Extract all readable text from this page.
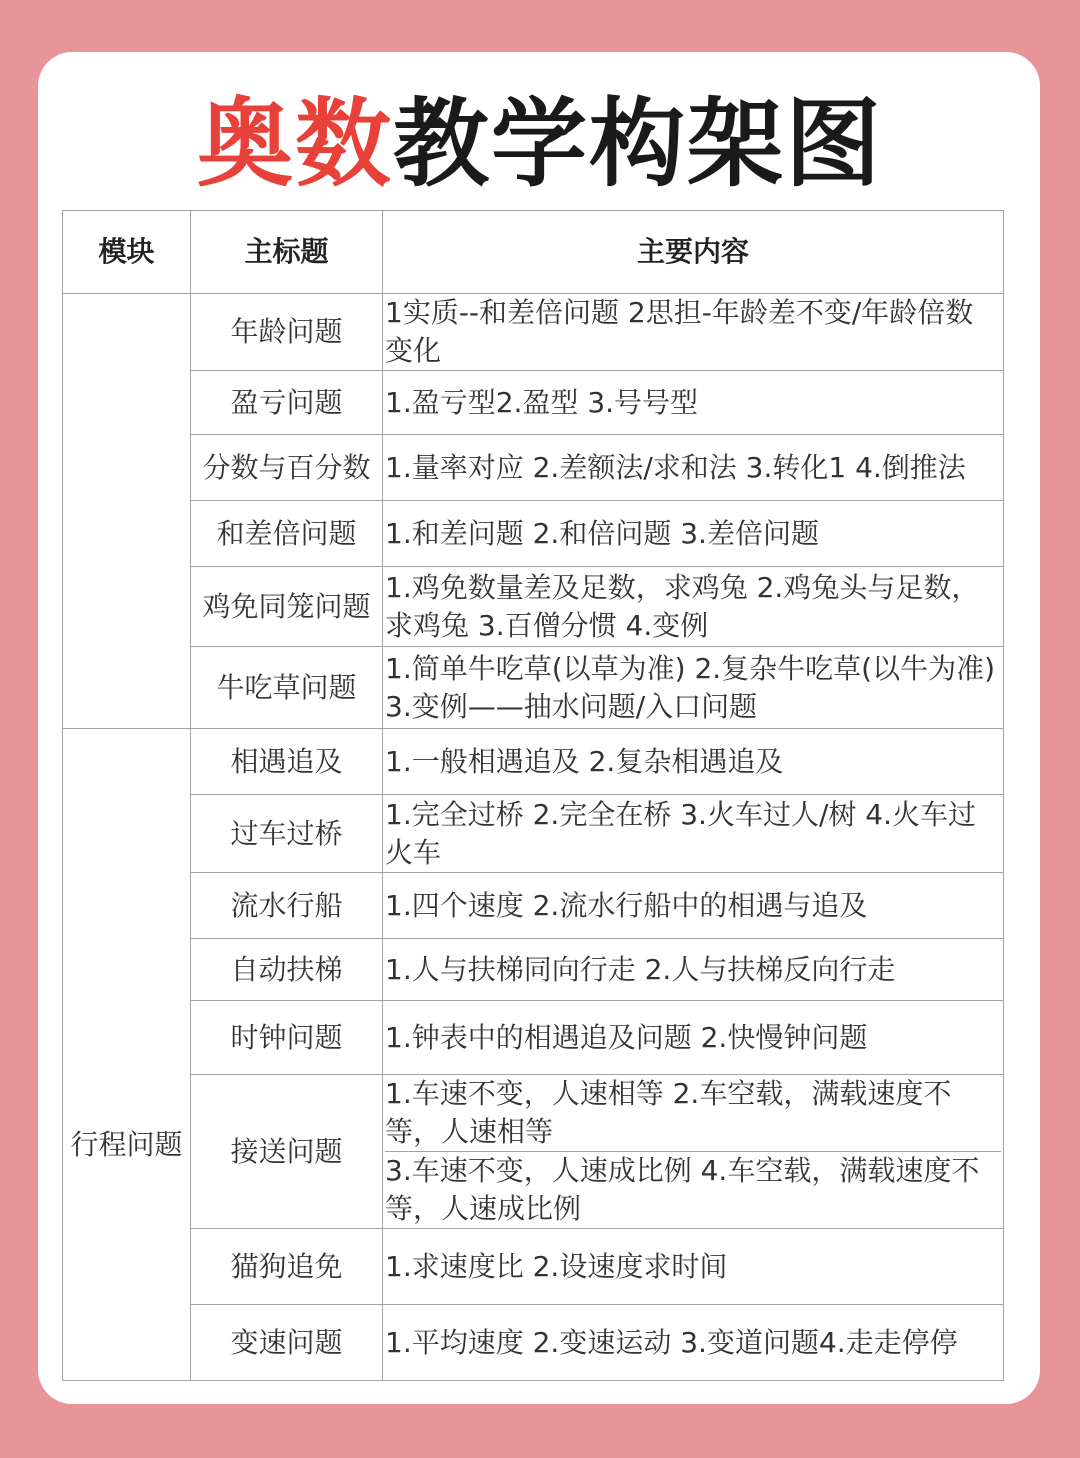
奥数教学构架图
模块	主标题	主要内容
	年龄问题	1实质--和差倍问题 2思担-年龄差不变/年龄倍数变化

	盈亏问题	1.盈亏型2.盈型 3.号号型

	分数与百分数	1.量率对应 2.差额法/求和法 3.转化1 4.倒推法

	和差倍问题	1.和差问题 2.和倍问题 3.差倍问题

	鸡免同笼问题	1.鸡免数量差及足数，求鸡兔 2.鸡兔头与足数，求鸡兔 3.百僧分惯 4.变例

	牛吃草问题	1.简单牛吃草(以草为准) 2.复杂牛吃草(以牛为准) 3.变例——抽水问题/入口问题

行程问题	相遇追及	1.一般相遇追及 2.复杂相遇追及

	过车过桥	1.完全过桥 2.完全在桥 3.火车过人/树 4.火车过火车

	流水行船	1.四个速度 2.流水行船中的相遇与追及

	自动扶梯	1.人与扶梯同向行走 2.人与扶梯反向行走

	时钟问题	1.钟表中的相遇追及问题 2.快慢钟问题

	接送问题	1.车速不变，人速相等 2.车空载，满载速度不等，人速相等
3.车速不变，人速成比例 4.车空载，满载速度不等，人速成比例

	猫狗追免	1.求速度比 2.设速度求时间

	变速问题	1.平均速度 2.变速运动 3.变道问题4.走走停停
